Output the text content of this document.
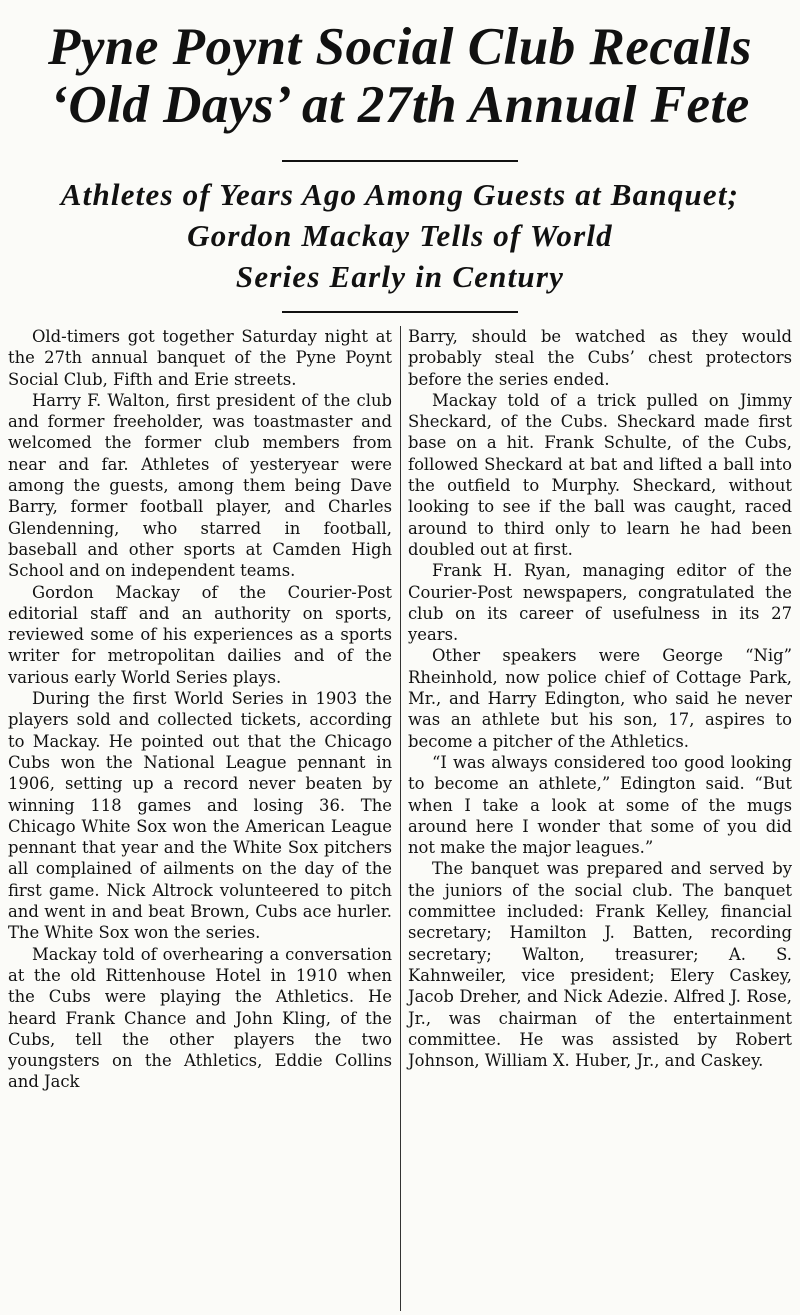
Pyne Poynt Social Club Recalls
‘Old Days’ at 27th Annual Fete
Athletes of Years Ago Among Guests at Banquet;
Gordon Mackay Tells of World
Series Early in Century

Old-timers got together Saturday night at the 27th annual banquet of the Pyne Poynt Social Club, Fifth and Erie streets.

Harry F. Walton, first president of the club and former freeholder, was toastmaster and welcomed the former club members from near and far. Athletes of yesteryear were among the guests, among them being Dave Barry, former football player, and Charles Glendenning, who starred in football, baseball and other sports at Camden High School and on independent teams.

Gordon Mackay of the Courier-Post editorial staff and an authority on sports, reviewed some of his experiences as a sports writer for metropolitan dailies and of the various early World Series plays.

During the first World Series in 1903 the players sold and collected tickets, according to Mackay. He pointed out that the Chicago Cubs won the National League pennant in 1906, setting up a record never beaten by winning 118 games and losing 36. The Chicago White Sox won the American League pennant that year and the White Sox pitchers all complained of ailments on the day of the first game. Nick Altrock volunteered to pitch and went in and beat Brown, Cubs ace hurler. The White Sox won the series.

Mackay told of overhearing a conversation at the old Rittenhouse Hotel in 1910 when the Cubs were playing the Athletics. He heard Frank Chance and John Kling, of the Cubs, tell the other players the two youngsters on the Athletics, Eddie Collins and Jack

Barry, should be watched as they would probably steal the Cubs’ chest protectors before the series ended.

Mackay told of a trick pulled on Jimmy Sheckard, of the Cubs. Sheckard made first base on a hit. Frank Schulte, of the Cubs, followed Sheckard at bat and lifted a ball into the outfield to Murphy. Sheckard, without looking to see if the ball was caught, raced around to third only to learn he had been doubled out at first.

Frank H. Ryan, managing editor of the Courier-Post newspapers, congratulated the club on its career of usefulness in its 27 years.

Other speakers were George “Nig” Rheinhold, now police chief of Cottage Park, Mr., and Harry Edington, who said he never was an athlete but his son, 17, aspires to become a pitcher of the Athletics.

“I was always considered too good looking to become an athlete,” Edington said. “But when I take a look at some of the mugs around here I wonder that some of you did not make the major leagues.”

The banquet was prepared and served by the juniors of the social club. The banquet committee included: Frank Kelley, financial secretary; Hamilton J. Batten, recording secretary; Walton, treasurer; A. S. Kahnweiler, vice president; Elery Caskey, Jacob Dreher, and Nick Adezie. Alfred J. Rose, Jr., was chairman of the entertainment committee. He was assisted by Robert Johnson, William X. Huber, Jr., and Caskey.
